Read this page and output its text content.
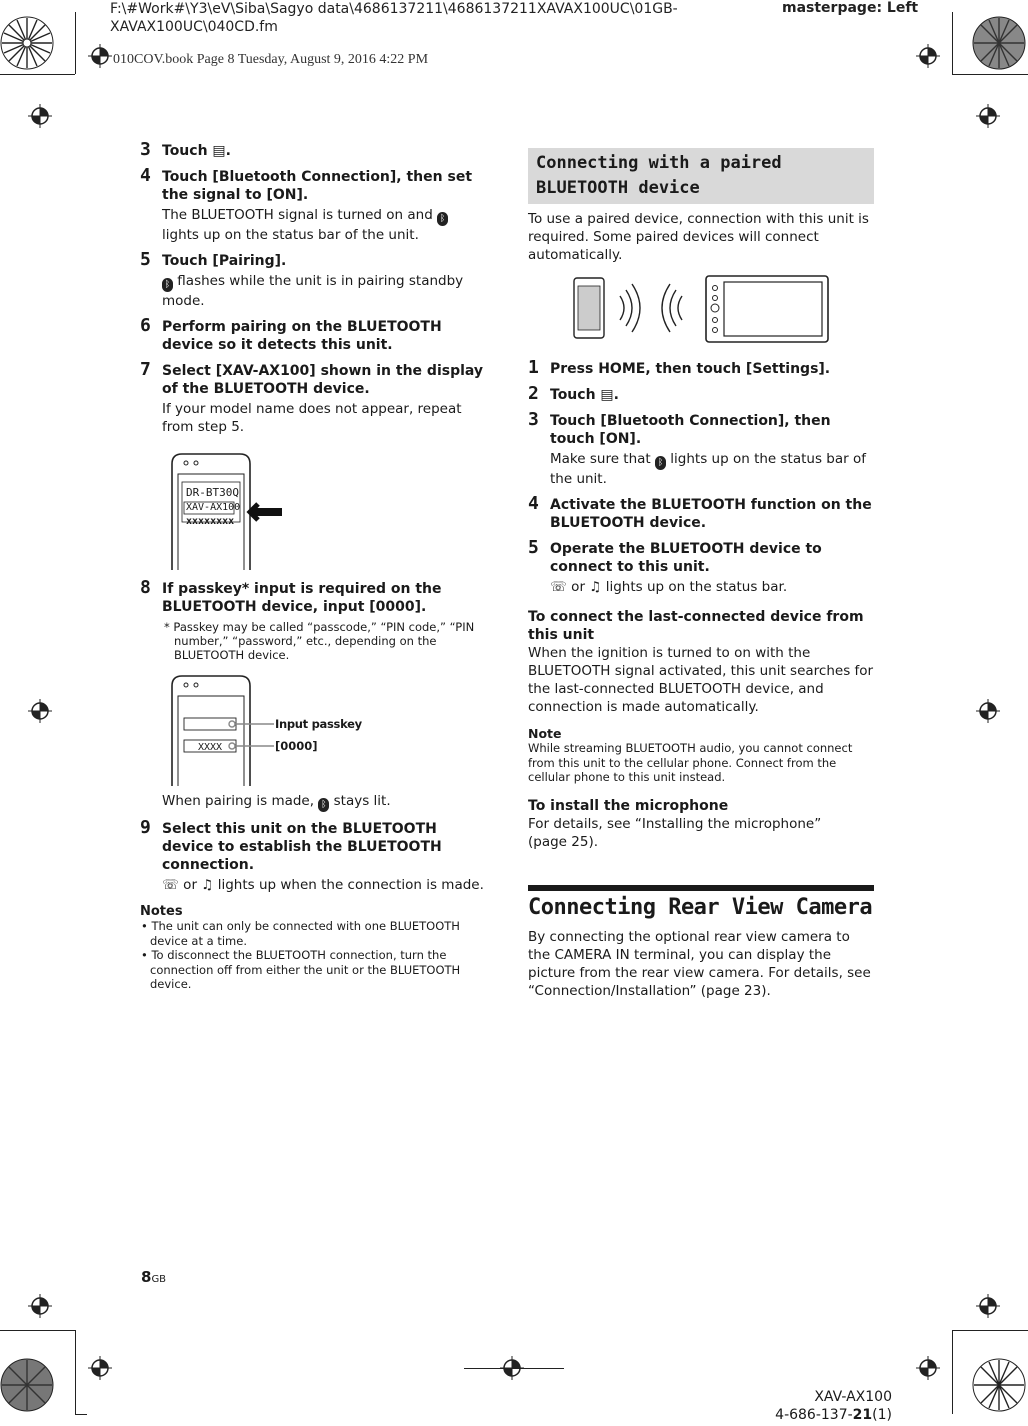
F:\#Work#\Y3\eV\Siba\Sagyo data\4686137211\4686137211XAVAX100UC\01GB-
XAVAX100UC\040CD.fm
masterpage: Left
010COV.book Page 8 Tuesday, August 9, 2016 4:22 PM
3 Touch ▤.
4 Touch [Bluetooth Connection], then set the signal to [ON].
The BLUETOOTH signal is turned on and ᛒ lights up on the status bar of the unit.
5 Touch [Pairing].
ᛒ flashes while the unit is in pairing standby mode.
6 Perform pairing on the BLUETOOTH device so it detects this unit.
7 Select [XAV-AX100] shown in the display of the BLUETOOTH device.
If your model name does not appear, repeat from step 5.
DR-BT30Q
XAV-AX100
xxxxxxxx
8 If passkey* input is required on the BLUETOOTH device, input [0000].
* Passkey may be called “passcode,” “PIN code,” “PIN number,” “password,” etc., depending on the BLUETOOTH device.
XXXX
Input passkey
[0000]
When pairing is made, ᛒ stays lit.
9 Select this unit on the BLUETOOTH device to establish the BLUETOOTH connection.
☏ or ♫ lights up when the connection is made.
Notes
• The unit can only be connected with one BLUETOOTH device at a time.
• To disconnect the BLUETOOTH connection, turn the connection off from either the unit or the BLUETOOTH device.
Connecting with a paired BLUETOOTH device
To use a paired device, connection with this unit is required. Some paired devices will connect automatically.
1 Press HOME, then touch [Settings].
2 Touch ▤.
3 Touch [Bluetooth Connection], then touch [ON].
Make sure that ᛒ lights up on the status bar of the unit.
4 Activate the BLUETOOTH function on the BLUETOOTH device.
5 Operate the BLUETOOTH device to connect to this unit.
☏ or ♫ lights up on the status bar.
To connect the last-connected device from this unit
When the ignition is turned to on with the BLUETOOTH signal activated, this unit searches for the last-connected BLUETOOTH device, and connection is made automatically.
Note
While streaming BLUETOOTH audio, you cannot connect from this unit to the cellular phone. Connect from the cellular phone to this unit instead.
To install the microphone
For details, see “Installing the microphone”
(page 25).
Connecting Rear View Camera
By connecting the optional rear view camera to the CAMERA IN terminal, you can display the picture from the rear view camera. For details, see “Connection/Installation” (page 23).
8GB
XAV-AX100
4-686-137-21(1)
